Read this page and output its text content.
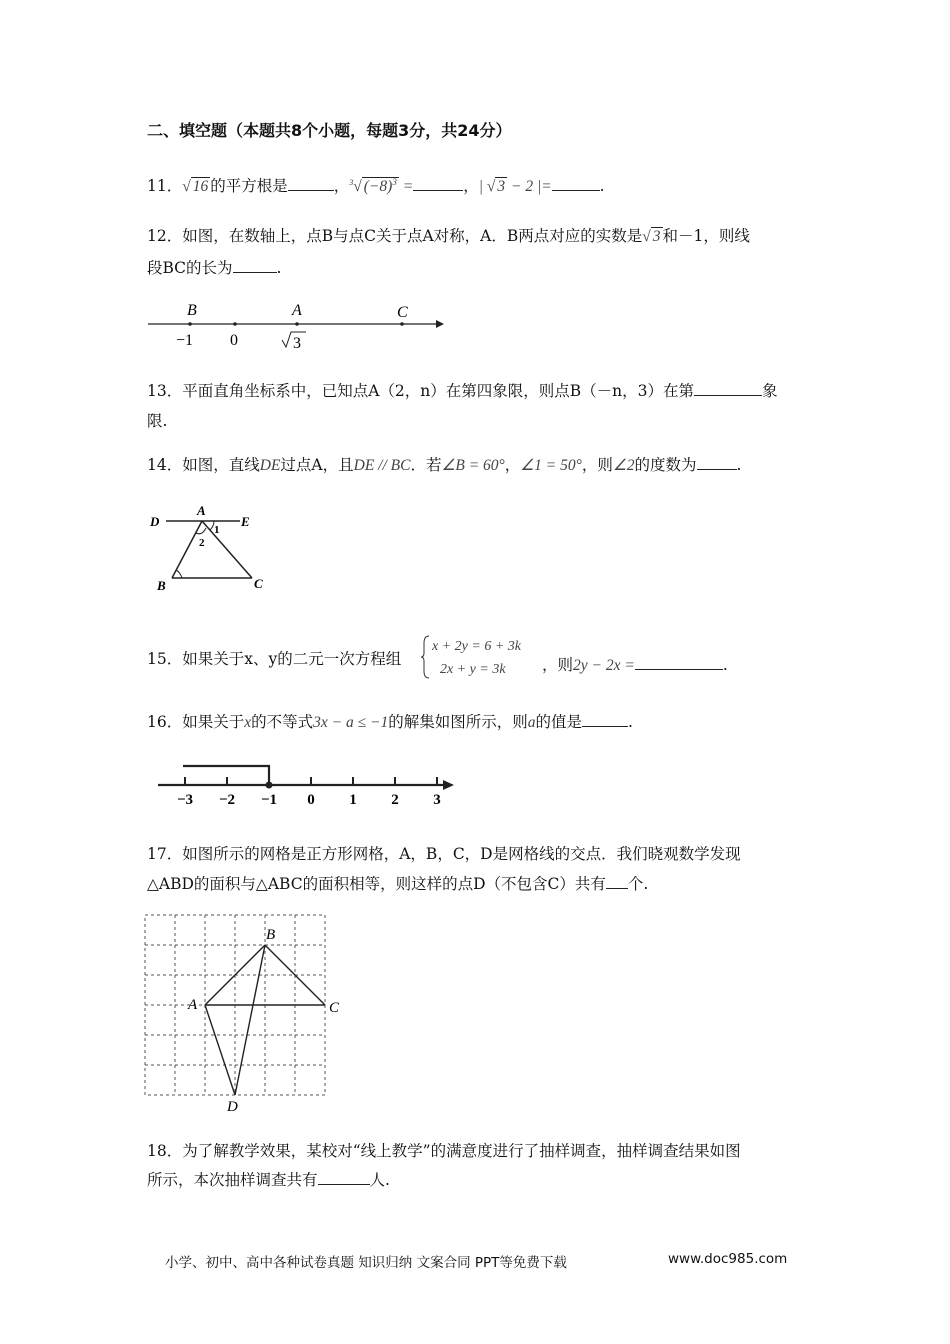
二、填空题（本题共8个小题，每题3分，共24分）
11．√ 16 的平方根是	，$^3$√ $(-8)^3$ =	，| √ 3 − 2 |=	.
12．如图，在数轴上，点B与点C关于点A对称，A．B两点对应的实数是√ 3 和－1，则线
段BC的长为	.
B	A	C
−1 0	3
13．平面直角坐标系中，已知点A（2，n）在第四象限，则点B（－n，3）在第	象
限.
14．如图，直线DE过点A，且DE // BC．若∠B = 60°，∠1 = 50°，则∠2的度数为	.
D
A
E
1
2
B	C
15．如果关于x、y的二元一次方程组
x + 2y = 6 + 3k
2x + y = 3k ，则2y − 2x =	.
16．如果关于x的不等式3x − a ≤ −1的解集如图所示，则a的值是	.
−3 −2 −1 0 1 2 3
17．如图所示的网格是正方形网格，A，B，C，D是网格线的交点．我们晓观数学发现
△ABD的面积与△ABC的面积相等，则这样的点D（不包含C）共有 个.
A
B
C
D
18．为了解教学效果，某校对“线上教学”的满意度进行了抽样调查，抽样调查结果如图
所示，本次抽样调查共有	人.
小学、初中、高中各种试卷真题 知识归纳 文案合同 PPT等免费下载	www.doc985.com
